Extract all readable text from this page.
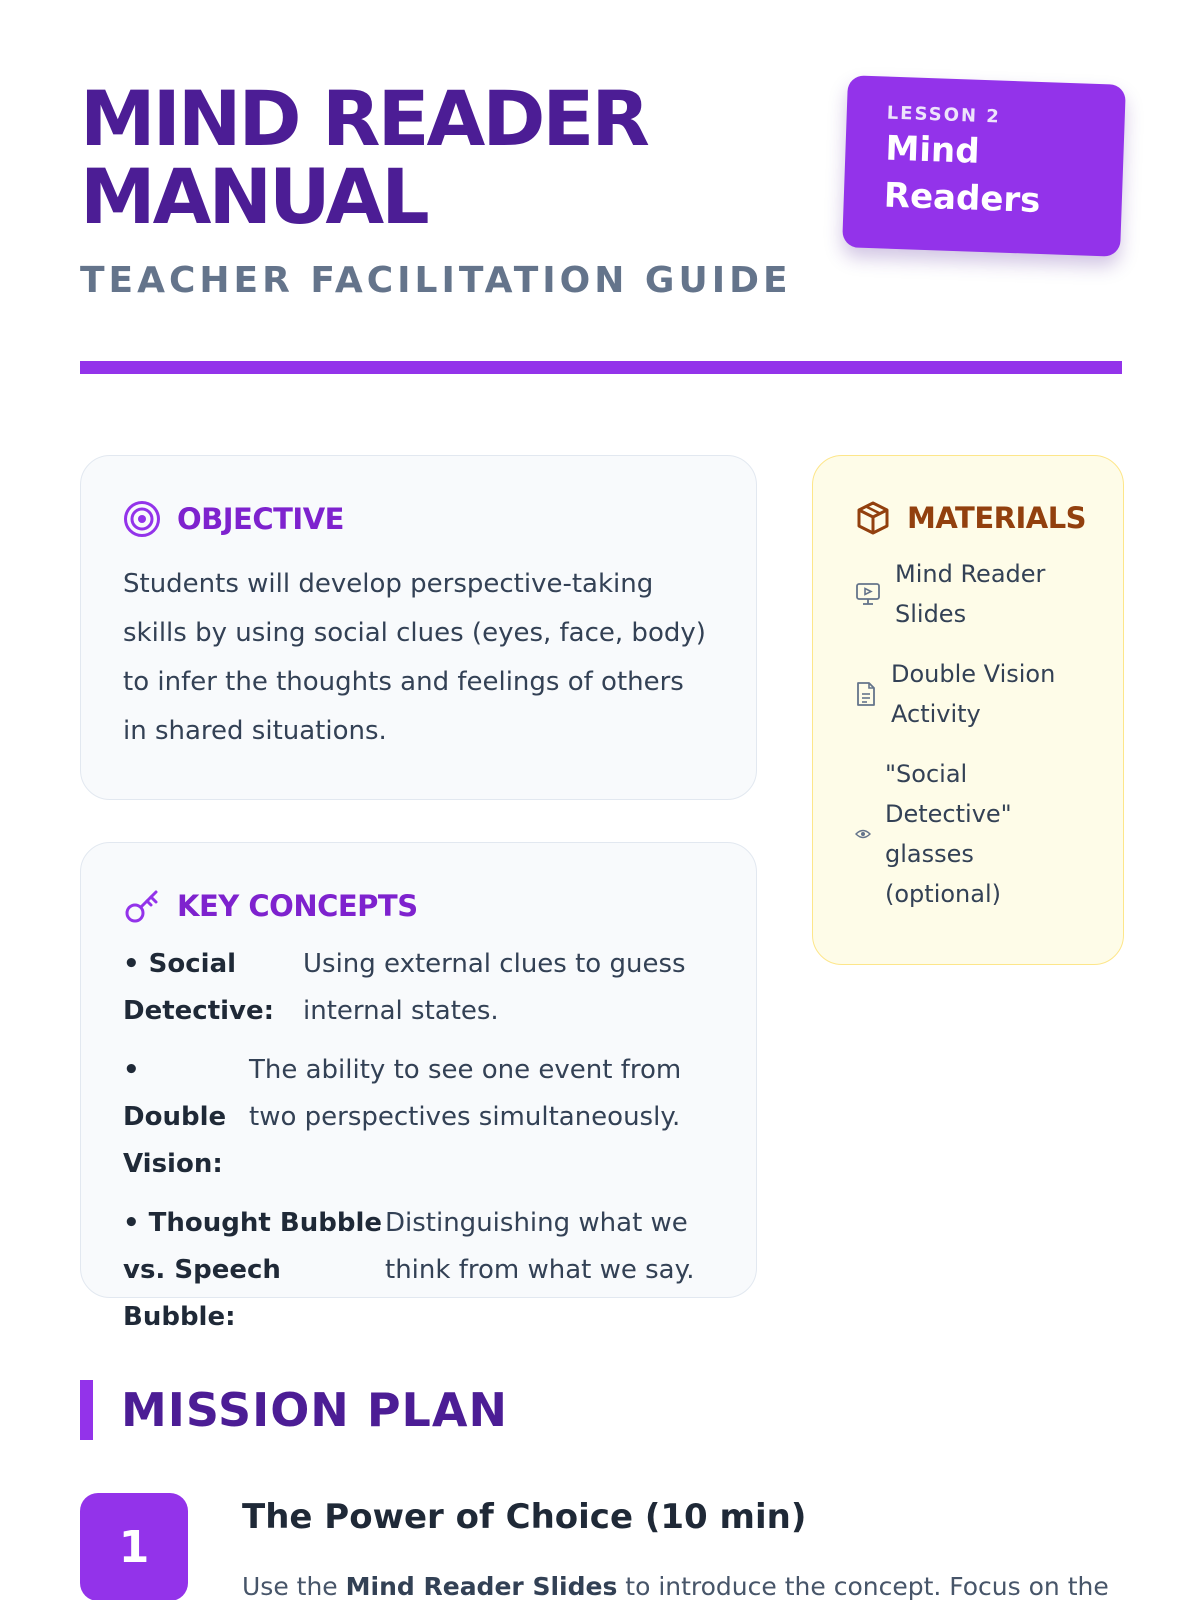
MIND READER
MANUAL
TEACHER FACILITATION GUIDE
LESSON 2
Mind
Readers
OBJECTIVE

Students will develop perspective-taking skills by using social clues (eyes, face, body) to infer the thoughts and feelings of others in shared situations.

KEY CONCEPTS
• Social Detective:
Using external clues to guess internal states.
• Double Vision:
The ability to see one event from two perspectives simultaneously.
• Thought Bubble vs. Speech Bubble:
Distinguishing what we think from what we say.
MATERIALS
Mind Reader Slides
Double Vision Activity
"Social Detective" glasses (optional)
MISSION PLAN
1
The Power of Choice (10 min)

Use the Mind Reader Slides to introduce the concept. Focus on the
